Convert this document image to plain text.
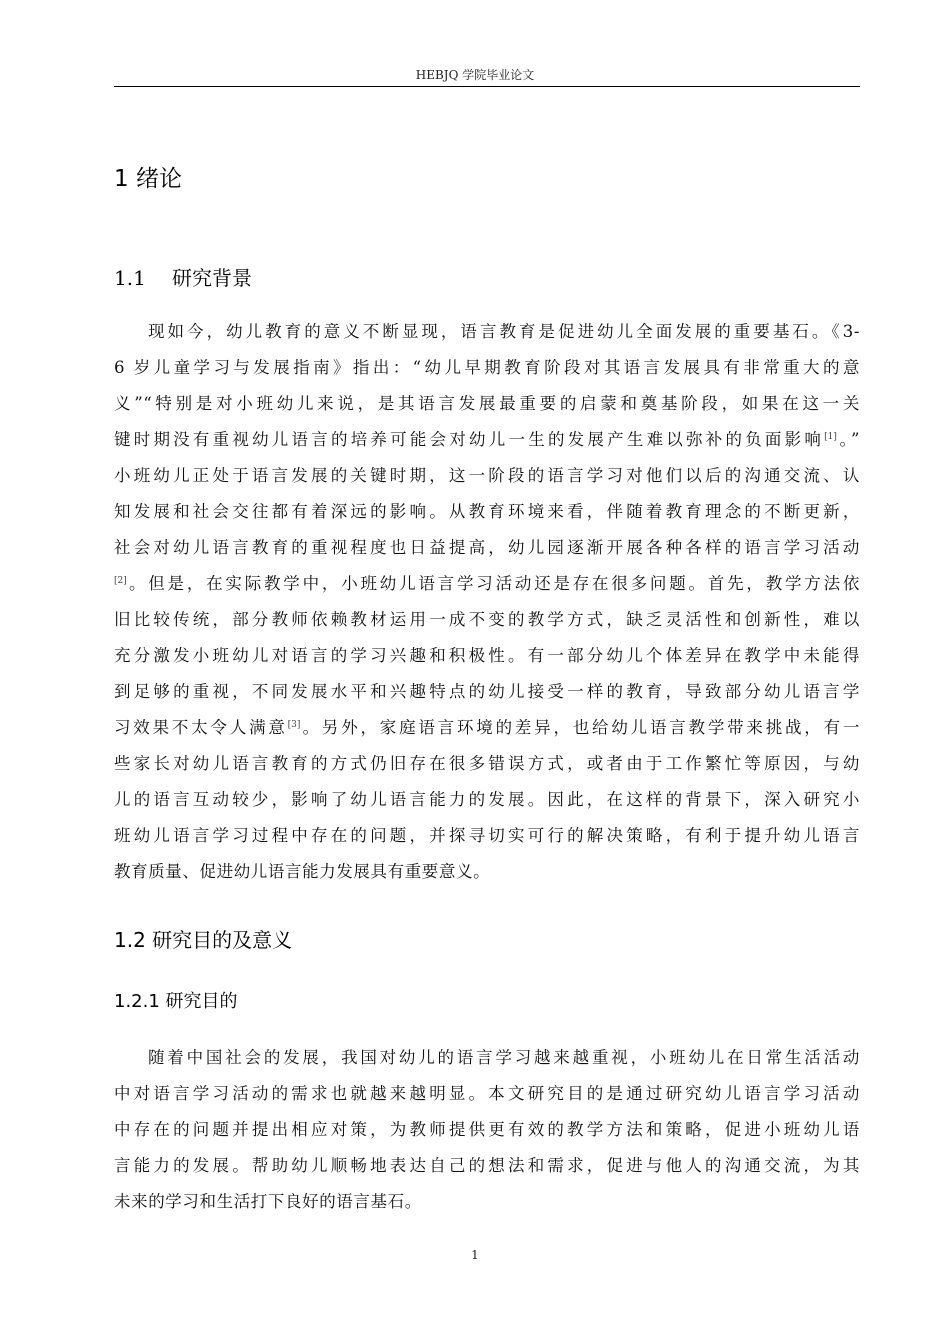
HEBJQ 学院毕业论文
1 绪论
1.1 研究背景
现如今，幼儿教育的意义不断显现，语言教育是促进幼儿全面发展的重要基石。《3-
6 岁儿童学习与发展指南》指出：“幼儿早期教育阶段对其语言发展具有非常重大的意
义”“特别是对小班幼儿来说，是其语言发展最重要的启蒙和奠基阶段，如果在这一关
键时期没有重视幼儿语言的培养可能会对幼儿一生的发展产生难以弥补的负面影响[1]。”
小班幼儿正处于语言发展的关键时期，这一阶段的语言学习对他们以后的沟通交流、认
知发展和社会交往都有着深远的影响。从教育环境来看，伴随着教育理念的不断更新，
社会对幼儿语言教育的重视程度也日益提高，幼儿园逐渐开展各种各样的语言学习活动
[2]。但是，在实际教学中，小班幼儿语言学习活动还是存在很多问题。首先，教学方法依
旧比较传统，部分教师依赖教材运用一成不变的教学方式，缺乏灵活性和创新性，难以
充分激发小班幼儿对语言的学习兴趣和积极性。有一部分幼儿个体差异在教学中未能得
到足够的重视，不同发展水平和兴趣特点的幼儿接受一样的教育，导致部分幼儿语言学
习效果不太令人满意[3]。另外，家庭语言环境的差异，也给幼儿语言教学带来挑战，有一
些家长对幼儿语言教育的方式仍旧存在很多错误方式，或者由于工作繁忙等原因，与幼
儿的语言互动较少，影响了幼儿语言能力的发展。因此，在这样的背景下，深入研究小
班幼儿语言学习过程中存在的问题，并探寻切实可行的解决策略，有利于提升幼儿语言
教育质量、促进幼儿语言能力发展具有重要意义。
1.2 研究目的及意义
1.2.1 研究目的
随着中国社会的发展，我国对幼儿的语言学习越来越重视，小班幼儿在日常生活活动
中对语言学习活动的需求也就越来越明显。本文研究目的是通过研究幼儿语言学习活动
中存在的问题并提出相应对策，为教师提供更有效的教学方法和策略，促进小班幼儿语
言能力的发展。帮助幼儿顺畅地表达自己的想法和需求，促进与他人的沟通交流，为其
未来的学习和生活打下良好的语言基石。
1
